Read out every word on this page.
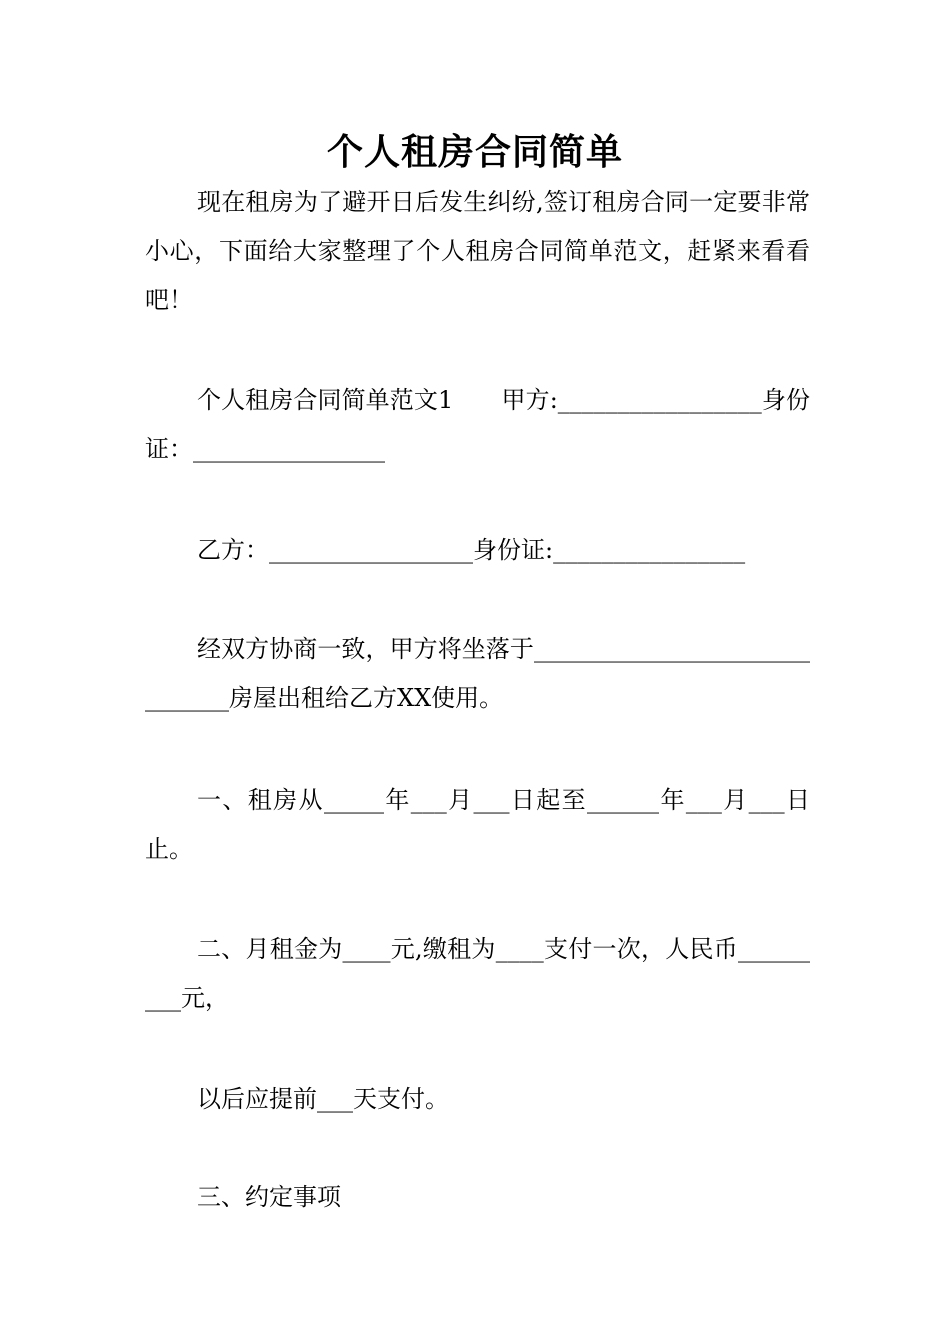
个人租房合同简单

现在租房为了避开日后发生纠纷,签订租房合同一定要非常小心，下面给大家整理了个人租房合同简单范文，赶紧来看看吧！

个人租房合同简单范文1　　甲方:_________________身份证：________________

乙方：_________________身份证:________________

经双方协商一致，甲方将坐落于______________________________房屋出租给乙方XX使用。

一、租房从_____年___月___日起至______年___月___日止。

二、月租金为____元,缴租为____支付一次，人民币_________元，

以后应提前___天支付。

三、约定事项
